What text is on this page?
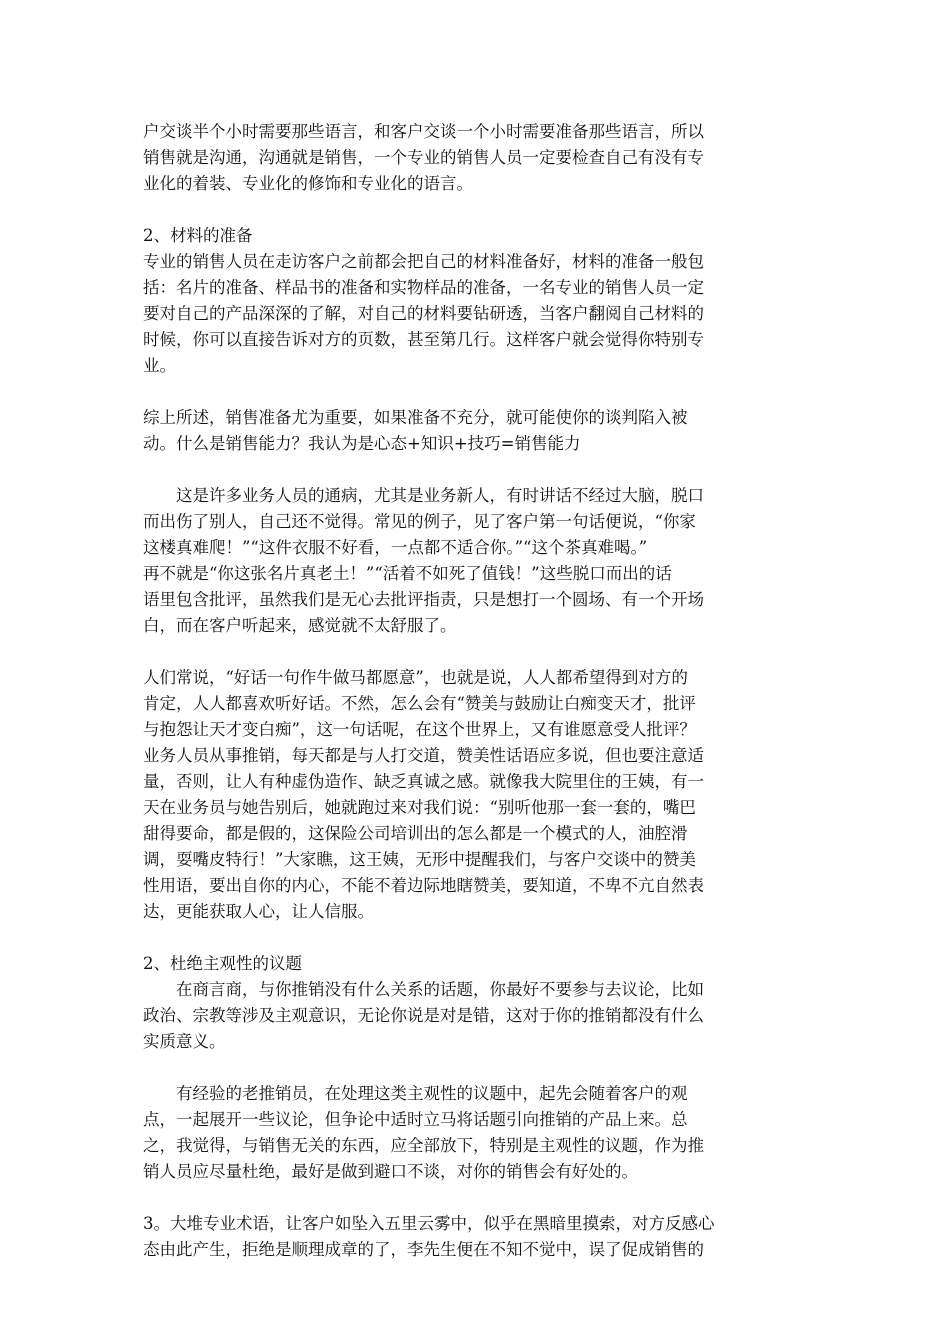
户交谈半个小时需要那些语言，和客户交谈一个小时需要准备那些语言，所以
销售就是沟通，沟通就是销售，一个专业的销售人员一定要检查自己有没有专
业化的着装、专业化的修饰和专业化的语言。
2、材料的准备
专业的销售人员在走访客户之前都会把自己的材料准备好，材料的准备一般包
括：名片的准备、样品书的准备和实物样品的准备，一名专业的销售人员一定
要对自己的产品深深的了解，对自己的材料要钻研透，当客户翻阅自己材料的
时候，你可以直接告诉对方的页数，甚至第几行。这样客户就会觉得你特别专
业。
综上所述，销售准备尤为重要，如果准备不充分，就可能使你的谈判陷入被
动。什么是销售能力？我认为是心态+知识+技巧=销售能力
这是许多业务人员的通病，尤其是业务新人，有时讲话不经过大脑，脱口
而出伤了别人，自己还不觉得。常见的例子，见了客户第一句话便说，“你家
这楼真难爬！”“这件衣服不好看，一点都不适合你。”“这个茶真难喝。”
再不就是“你这张名片真老土！”“活着不如死了值钱！”这些脱口而出的话
语里包含批评，虽然我们是无心去批评指责，只是想打一个圆场、有一个开场
白，而在客户听起来，感觉就不太舒服了。
人们常说，“好话一句作牛做马都愿意”，也就是说，人人都希望得到对方的
肯定，人人都喜欢听好话。不然，怎么会有“赞美与鼓励让白痴变天才，批评
与抱怨让天才变白痴”，这一句话呢，在这个世界上，又有谁愿意受人批评？
业务人员从事推销，每天都是与人打交道，赞美性话语应多说，但也要注意适
量，否则，让人有种虚伪造作、缺乏真诚之感。就像我大院里住的王姨，有一
天在业务员与她告别后，她就跑过来对我们说：“别听他那一套一套的，嘴巴
甜得要命，都是假的，这保险公司培训出的怎么都是一个模式的人，油腔滑
调，耍嘴皮特行！”大家瞧，这王姨，无形中提醒我们，与客户交谈中的赞美
性用语，要出自你的内心，不能不着边际地瞎赞美，要知道，不卑不亢自然表
达，更能获取人心，让人信服。
2、杜绝主观性的议题
在商言商，与你推销没有什么关系的话题，你最好不要参与去议论，比如
政治、宗教等涉及主观意识，无论你说是对是错，这对于你的推销都没有什么
实质意义。
有经验的老推销员，在处理这类主观性的议题中，起先会随着客户的观
点，一起展开一些议论，但争论中适时立马将话题引向推销的产品上来。总
之，我觉得，与销售无关的东西，应全部放下，特别是主观性的议题，作为推
销人员应尽量杜绝，最好是做到避口不谈，对你的销售会有好处的。
3。大堆专业术语，让客户如坠入五里云雾中，似乎在黑暗里摸索，对方反感心
态由此产生，拒绝是顺理成章的了，李先生便在不知不觉中，误了促成销售的
